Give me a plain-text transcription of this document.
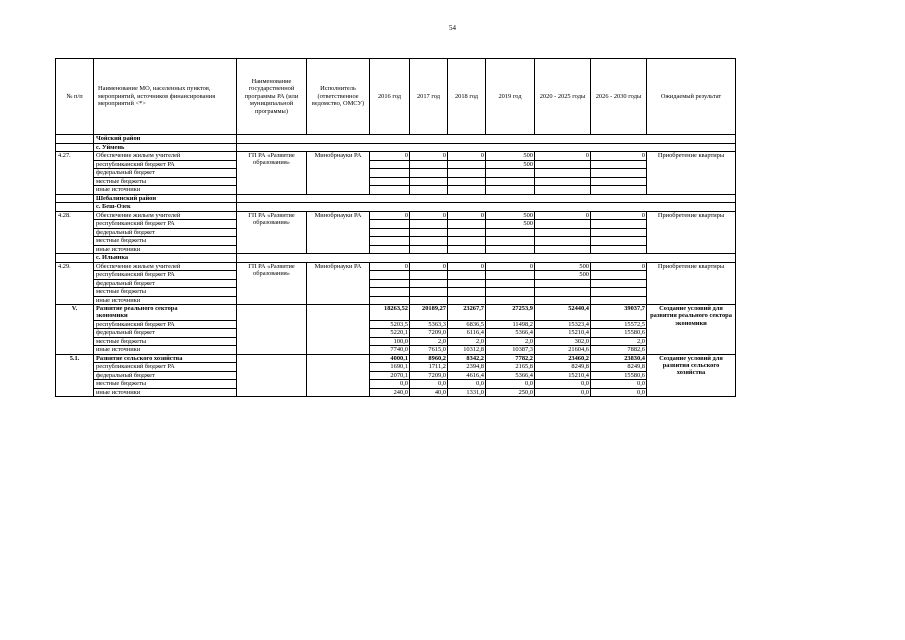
54
№ п/п	Наименование МО, населенных пунктов, мероприятий, источников финансирования мероприятий <*>	Наименование государственной программы РА (или муниципальной программы)	Исполнитель (ответственное ведомство, ОМСУ)	2016 год	2017 год	2018 год	2019 год	2020 - 2025 годы	2026 - 2030 годы	Ожидаемый результат
	Чойский район									
	с. Уймень									
4.27.	Обеспечение жильем учителей	ГП РА «Развитие образования»	Минобрнауки РА	0	0	0	500	0	0	Приобретение квартиры
	республиканский бюджет РА						500			
	федеральный бюджет									
	местные бюджеты									
	иные источники									
	Шебалинский район									
	с. Беш-Озек									
4.28.	Обеспечение жильем учителей	ГП РА «Развитие образования»	Минобрнауки РА	0	0	0	500	0	0	Приобретение квартиры
	республиканский бюджет РА						500			
	федеральный бюджет									
	местные бюджеты									
	иные источники									
	с. Ильинка									
4.29.	Обеспечение жильем учителей	ГП РА «Развитие образования»	Минобрнауки РА	0	0	0	0	500	0	Приобретение квартиры
	республиканский бюджет РА							500		
	федеральный бюджет									
	местные бюджеты									
	иные источники									
V.	Развитие реального сектора
экономики			18263,52	20189,27	23267,7	27253,9	52440,4	39037,7	Создание условий для развития реального сектора экономики
	республиканский бюджет РА			5203,5	5363,3	6836,5	11498,2	15323,4	15572,5	
	федеральный бюджет			5220,1	7209,0	6116,4	5366,4	15210,4	15580,6	
	местные бюджеты			100,0	2,0	2,0	2,0	302,0	2,0	
	иные источники			7740,0	7615,0	10312,8	10387,3	21604,6	7882,6	
5.1.	Развитие сельского хозяйства			4000,1	8960,2	8342,2	7782,2	23460,2	23830,4	Создание условий для развития сельского хозяйства
	республиканский бюджет РА			1690,1	1711,2	2394,8	2165,8	8249,8	8249,8	
	федеральный бюджет			2070,1	7209,0	4616,4	5366,4	15210,4	15580,6	
	местные бюджеты			0,0	0,0	0,0	0,0	0,0	0,0	
	иные источники			240,0	40,0	1331,0	250,0	0,0	0,0	
